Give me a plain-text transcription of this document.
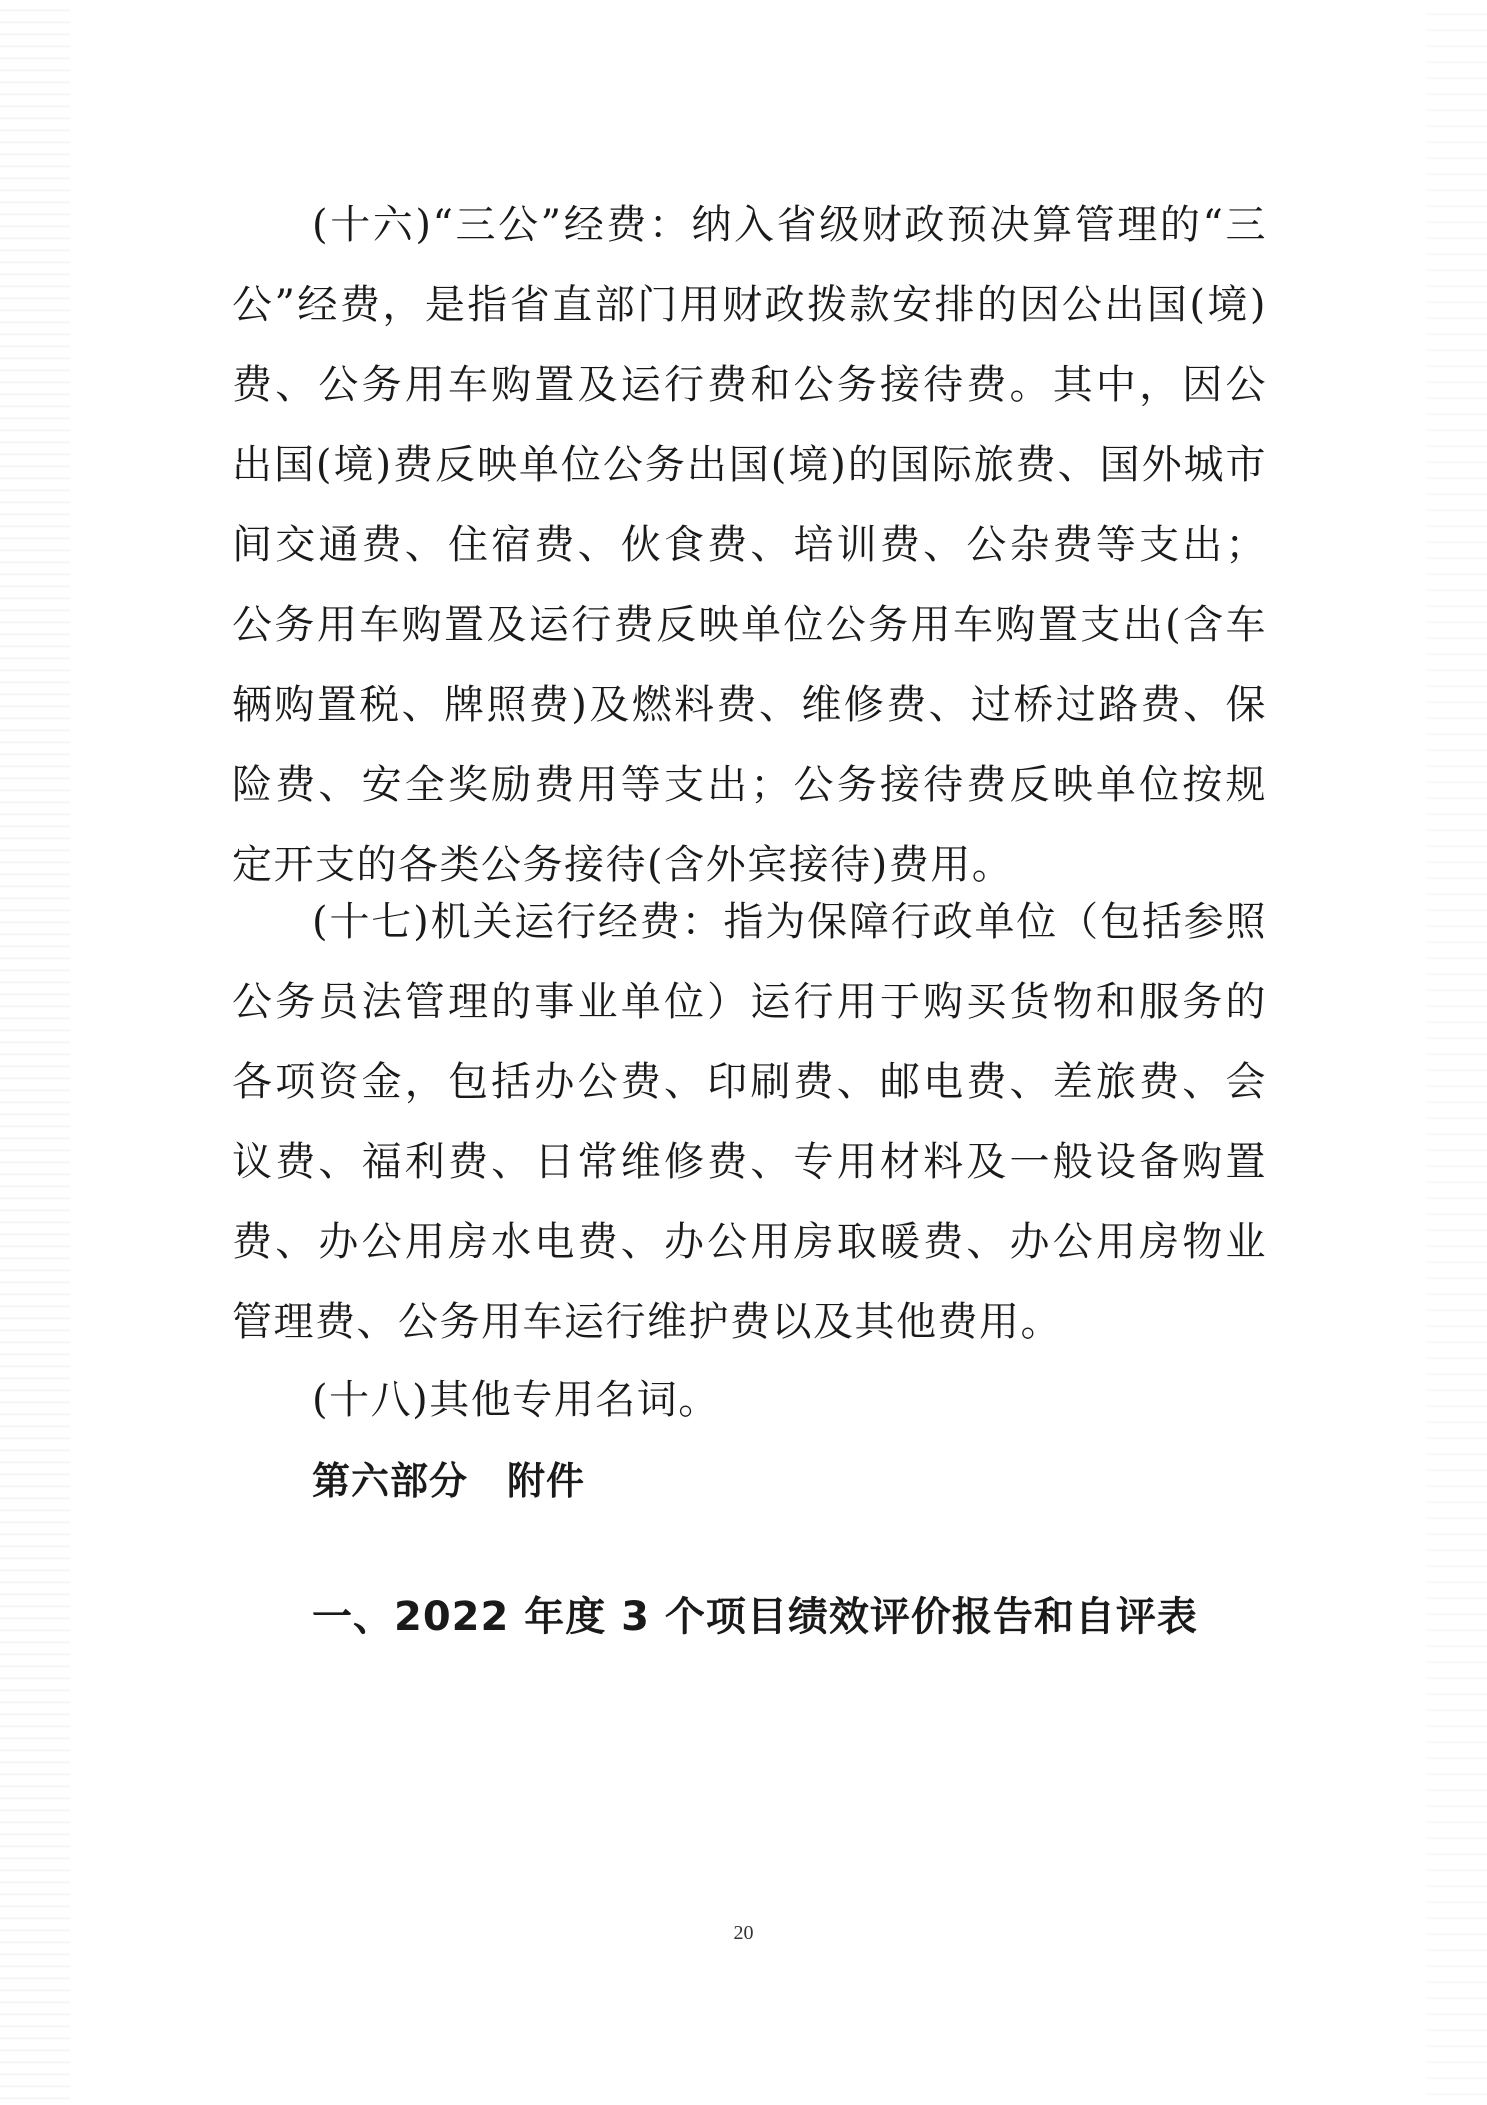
(十六)“三公”经费：纳入省级财政预决算管理的“三公”经费，是指省直部门用财政拨款安排的因公出国(境)费、公务用车购置及运行费和公务接待费。其中，因公出国(境)费反映单位公务出国(境)的国际旅费、国外城市间交通费、住宿费、伙食费、培训费、公杂费等支出；公务用车购置及运行费反映单位公务用车购置支出(含车辆购置税、牌照费)及燃料费、维修费、过桥过路费、保险费、安全奖励费用等支出；公务接待费反映单位按规定开支的各类公务接待(含外宾接待)费用。

(十七)机关运行经费：指为保障行政单位（包括参照公务员法管理的事业单位）运行用于购买货物和服务的各项资金，包括办公费、印刷费、邮电费、差旅费、会议费、福利费、日常维修费、专用材料及一般设备购置费、办公用房水电费、办公用房取暖费、办公用房物业管理费、公务用车运行维护费以及其他费用。

(十八)其他专用名词。

第六部分　附件
一、2022 年度 3 个项目绩效评价报告和自评表
20
